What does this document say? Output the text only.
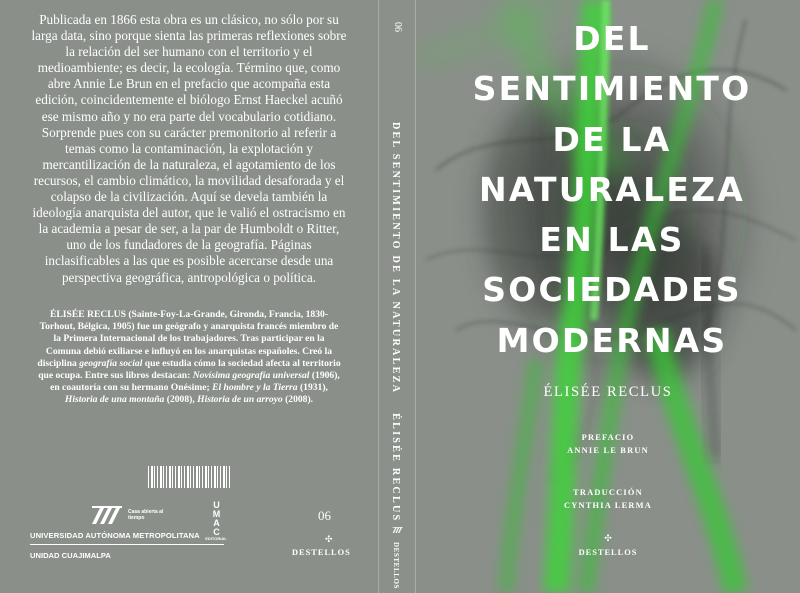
Publicada en 1866 esta obra es un clásico, no sólo por su larga data, sino porque sienta las primeras reflexiones sobre la relación del ser humano con el territorio y el medioambiente; es decir, la ecología. Término que, como abre Annie Le Brun en el prefacio que acompaña esta edición, coincidentemente el biólogo Ernst Haeckel acuñó ese mismo año y no era parte del vocabulario cotidiano. Sorprende pues con su carácter premonitorio al referir a temas como la contaminación, la explotación y mercantilización de la naturaleza, el agotamiento de los recursos, el cambio climático, la movilidad desaforada y el colapso de la civilización. Aquí se devela también la ideología anarquista del autor, que le valió el ostracismo en la academia a pesar de ser, a la par de Humboldt o Ritter, uno de los fundadores de la geografía. Páginas inclasificables a las que es posible acercarse desde una perspectiva geográfica, antropológica o política.
ÉLISÉE RECLUS (Sainte-Foy-La-Grande, Gironda, Francia, 1830-Torhout, Bélgica, 1905) fue un geógrafo y anarquista francés miembro de la Primera Internacional de los trabajadores. Tras participar en la Comuna debió exiliarse e influyó en los anarquistas españoles. Creó la disciplina geografía social que estudia cómo la sociedad afecta al territorio que ocupa. Entre sus libros destacan: Novísima geografía universal (1906), en coautoría con su hermano Onésime; El hombre y la Tierra (1931), Historia de una montaña (2008), Historia de un arroyo (2008).
Casa abierta al tiempo
UNIVERSIDAD AUTÓNOMA METROPOLITANA
UNIDAD CUAJIMALPA
UMAC
EDITORIAL
06
✣
DESTELLOS
06
DEL SENTIMIENTO DE LA NATURALEZA    ÉLISÉE RECLUS
DESTELLOS
DEL
SENTIMIENTO
DE LA
NATURALEZA
EN LAS
SOCIEDADES
MODERNAS
ÉLISÉE RECLUS
PREFACIO
ANNIE LE BRUN
TRADUCCIÓN
CYNTHIA LERMA
✣
DESTELLOS
